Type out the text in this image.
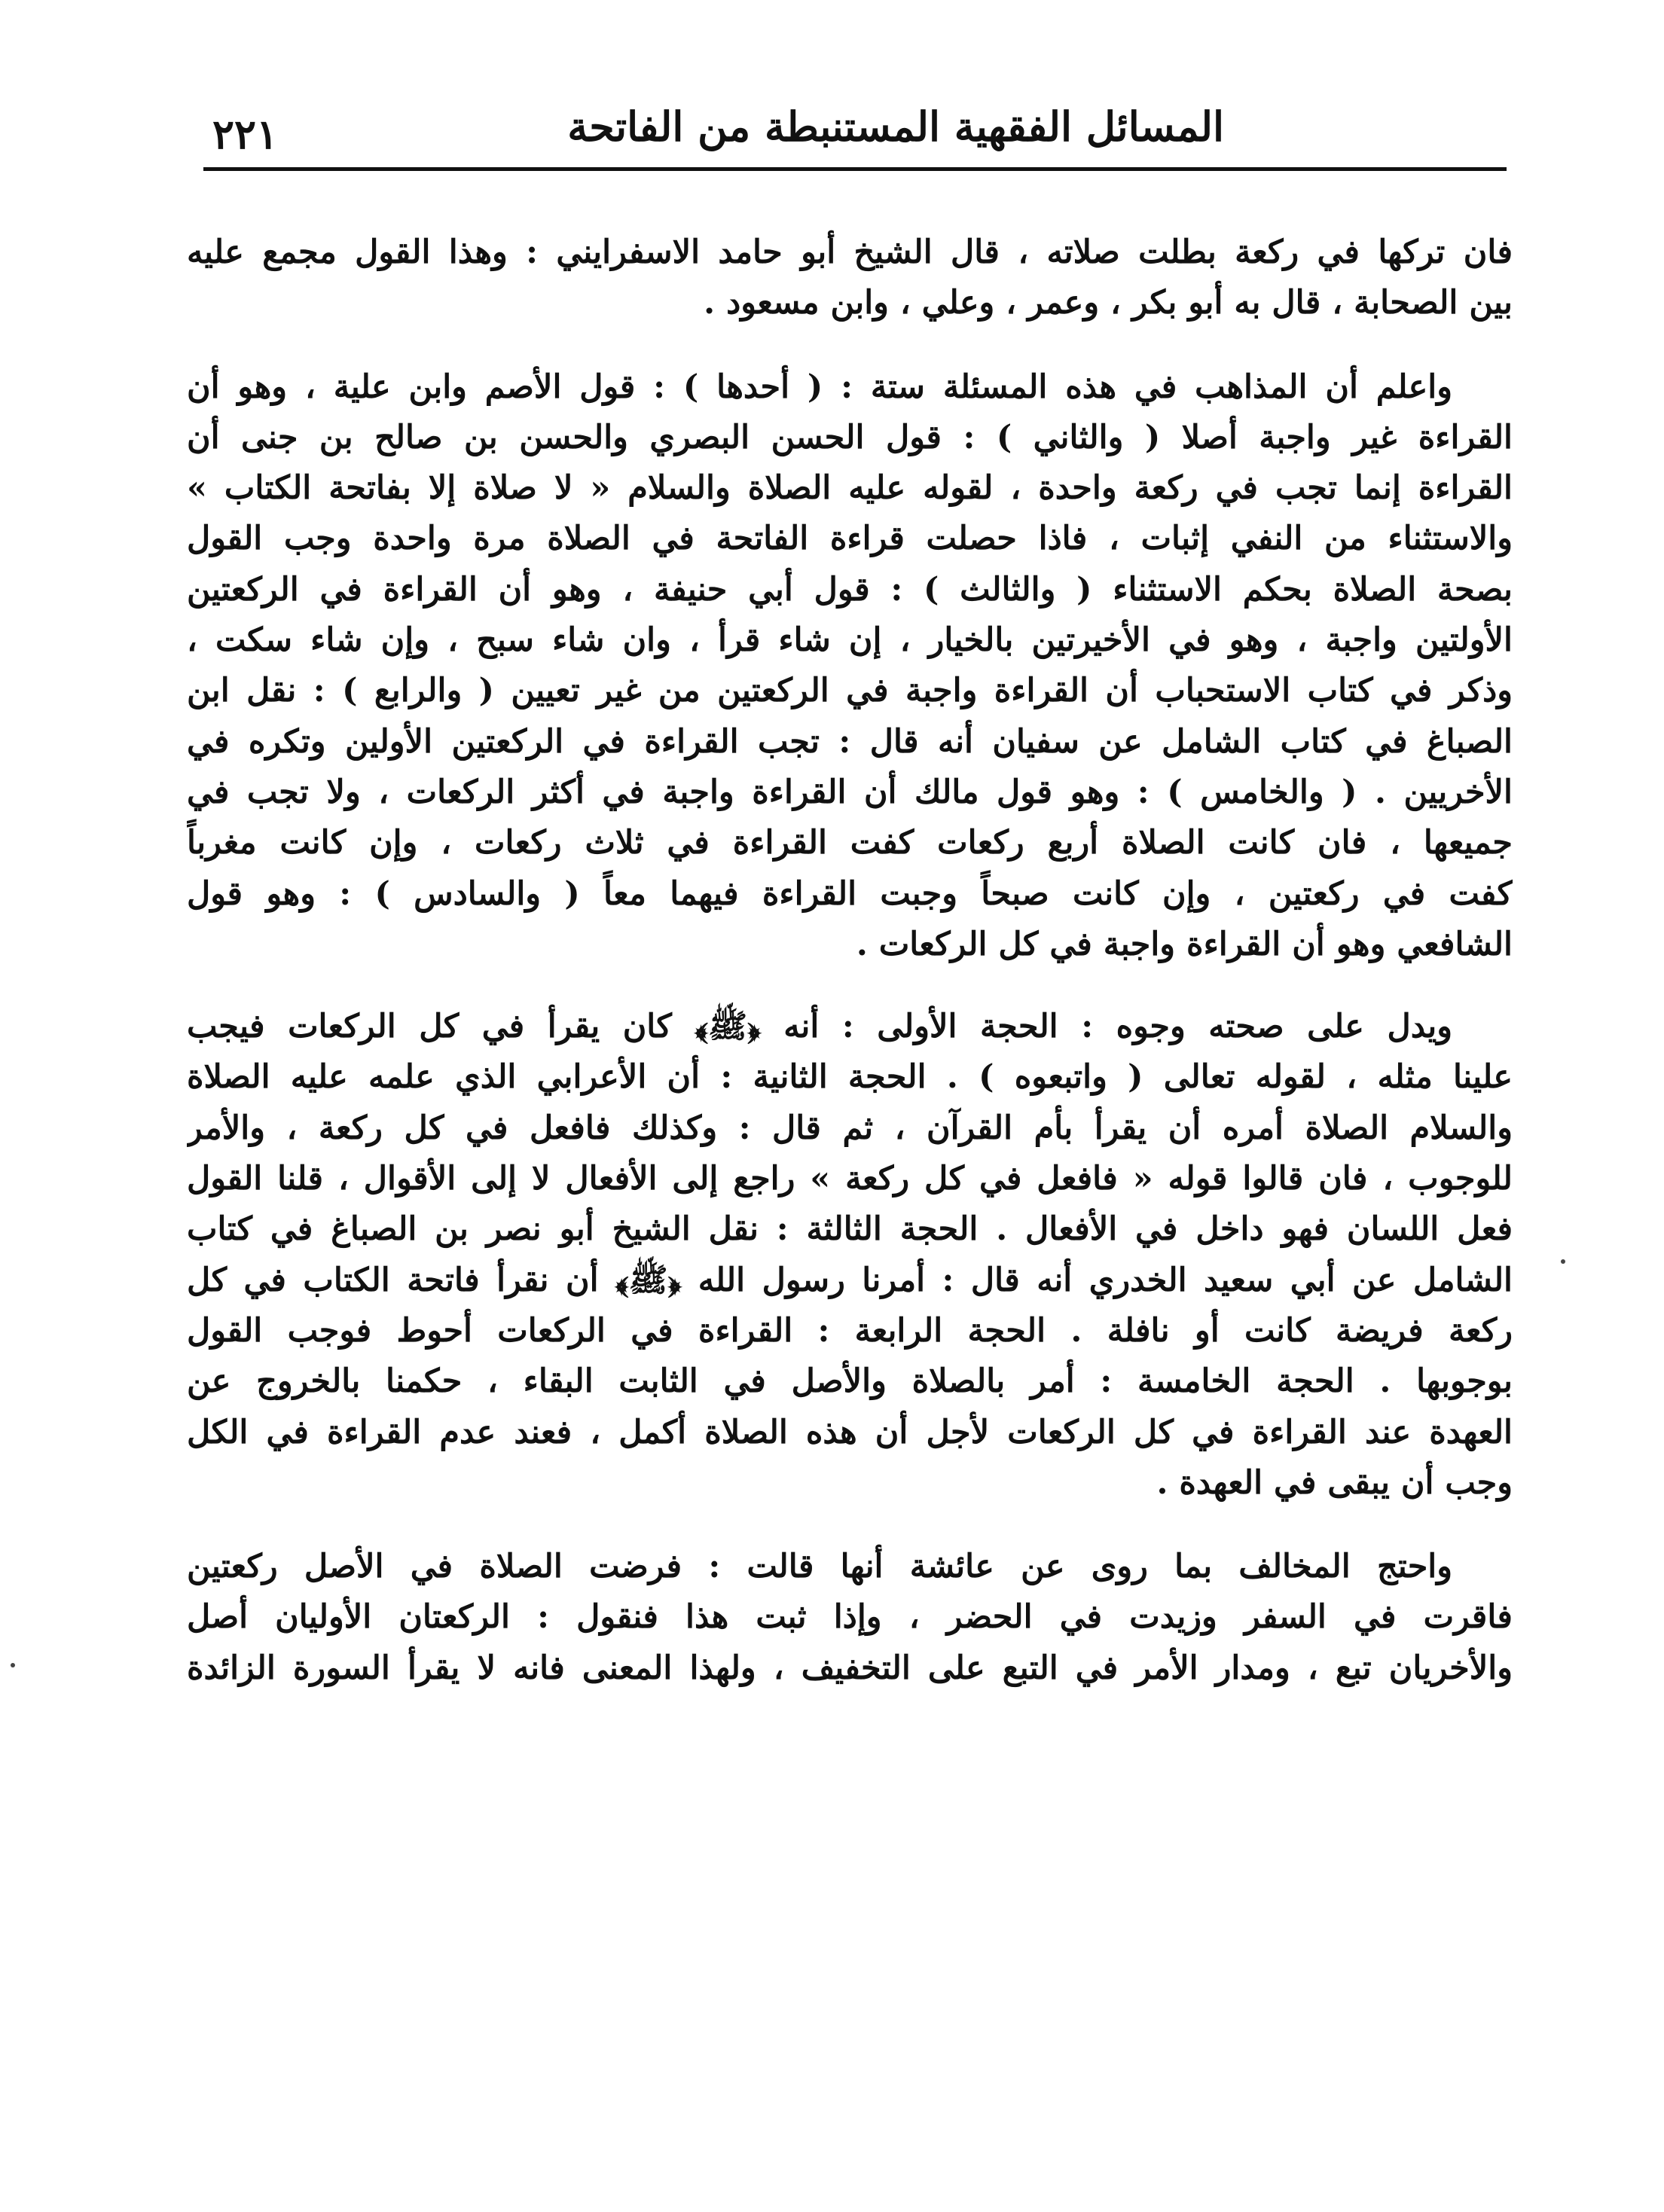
المسائل الفقهية المستنبطة من الفاتحة
٢٢١
فان تركها في ركعة بطلت صلاته ، قال الشيخ أبو حامد الاسفرايني : وهذا القول مجمع عليه
بين الصحابة ، قال به أبو بكر ، وعمر ، وعلي ، وابن مسعود .
واعلم أن المذاهب في هذه المسئلة ستة : ( أحدها ) : قول الأصم وابن علية ، وهو أن
القراءة غير واجبة أصلا ( والثاني ) : قول الحسن البصري والحسن بن صالح بن جنى أن
القراءة إنما تجب في ركعة واحدة ، لقوله عليه الصلاة والسلام « لا صلاة إلا بفاتحة الكتاب »
والاستثناء من النفي إثبات ، فاذا حصلت قراءة الفاتحة في الصلاة مرة واحدة وجب القول
بصحة الصلاة بحكم الاستثناء ( والثالث ) : قول أبي حنيفة ، وهو أن القراءة في الركعتين
الأولتين واجبة ، وهو في الأخيرتين بالخيار ، إن شاء قرأ ، وان شاء سبح ، وإن شاء سكت ،
وذكر في كتاب الاستحباب أن القراءة واجبة في الركعتين من غير تعيين ( والرابع ) : نقل ابن
الصباغ في كتاب الشامل عن سفيان أنه قال : تجب القراءة في الركعتين الأولين وتكره في
الأخريين . ( والخامس ) : وهو قول مالك أن القراءة واجبة في أكثر الركعات ، ولا تجب في
جميعها ، فان كانت الصلاة أربع ركعات كفت القراءة في ثلاث ركعات ، وإن كانت مغرباً
كفت في ركعتين ، وإن كانت صبحاً وجبت القراءة فيهما معاً ( والسادس ) : وهو قول
الشافعي وهو أن القراءة واجبة في كل الركعات .
ويدل على صحته وجوه : الحجة الأولى : أنه ﴿ﷺ﴾ كان يقرأ في كل الركعات فيجب
علينا مثله ، لقوله تعالى ( واتبعوه ) . الحجة الثانية : أن الأعرابي الذي علمه عليه الصلاة
والسلام الصلاة أمره أن يقرأ بأم القرآن ، ثم قال : وكذلك فافعل في كل ركعة ، والأمر
للوجوب ، فان قالوا قوله « فافعل في كل ركعة » راجع إلى الأفعال لا إلى الأقوال ، قلنا القول
فعل اللسان فهو داخل في الأفعال . الحجة الثالثة : نقل الشيخ أبو نصر بن الصباغ في كتاب
الشامل عن أبي سعيد الخدري أنه قال : أمرنا رسول الله ﴿ﷺ﴾ أن نقرأ فاتحة الكتاب في كل
ركعة فريضة كانت أو نافلة . الحجة الرابعة : القراءة في الركعات أحوط فوجب القول
بوجوبها . الحجة الخامسة : أمر بالصلاة والأصل في الثابت البقاء ، حكمنا بالخروج عن
العهدة عند القراءة في كل الركعات لأجل أن هذه الصلاة أكمل ، فعند عدم القراءة في الكل
وجب أن يبقى في العهدة .
واحتج المخالف بما روى عن عائشة أنها قالت : فرضت الصلاة في الأصل ركعتين
فاقرت في السفر وزيدت في الحضر ، وإذا ثبت هذا فنقول : الركعتان الأوليان أصل
والأخريان تبع ، ومدار الأمر في التبع على التخفيف ، ولهذا المعنى فانه لا يقرأ السورة الزائدة
